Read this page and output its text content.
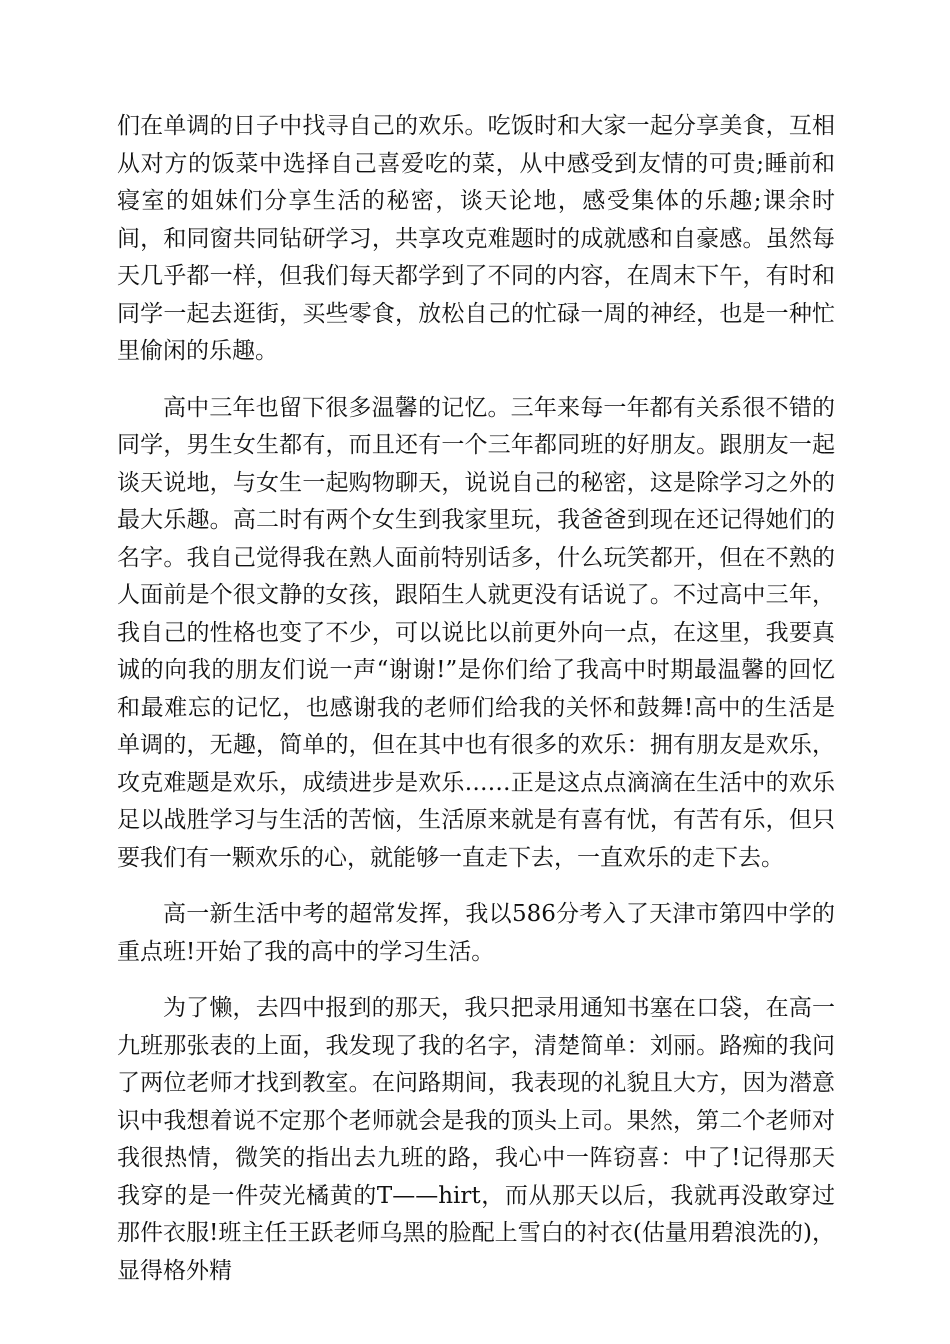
们在单调的日子中找寻自己的欢乐。吃饭时和大家一起分享美食，互相从对方的饭菜中选择自己喜爱吃的菜，从中感受到友情的可贵;睡前和寝室的姐妹们分享生活的秘密，谈天论地，感受集体的乐趣;课余时间，和同窗共同钻研学习，共享攻克难题时的成就感和自豪感。虽然每天几乎都一样，但我们每天都学到了不同的内容，在周末下午，有时和同学一起去逛街，买些零食，放松自己的忙碌一周的神经，也是一种忙里偷闲的乐趣。

高中三年也留下很多温馨的记忆。三年来每一年都有关系很不错的同学，男生女生都有，而且还有一个三年都同班的好朋友。跟朋友一起谈天说地，与女生一起购物聊天，说说自己的秘密，这是除学习之外的最大乐趣。高二时有两个女生到我家里玩，我爸爸到现在还记得她们的名字。我自己觉得我在熟人面前特别话多，什么玩笑都开，但在不熟的人面前是个很文静的女孩，跟陌生人就更没有话说了。不过高中三年，我自己的性格也变了不少，可以说比以前更外向一点，在这里，我要真诚的向我的朋友们说一声“谢谢!”是你们给了我高中时期最温馨的回忆和最难忘的记忆，也感谢我的老师们给我的关怀和鼓舞!高中的生活是单调的，无趣，简单的，但在其中也有很多的欢乐：拥有朋友是欢乐，攻克难题是欢乐，成绩进步是欢乐……正是这点点滴滴在生活中的欢乐足以战胜学习与生活的苦恼，生活原来就是有喜有忧，有苦有乐，但只要我们有一颗欢乐的心，就能够一直走下去，一直欢乐的走下去。

高一新生活中考的超常发挥，我以586分考入了天津市第四中学的重点班!开始了我的高中的学习生活。

为了懒，去四中报到的那天，我只把录用通知书塞在口袋，在高一九班那张表的上面，我发现了我的名字，清楚简单：刘丽。路痴的我问了两位老师才找到教室。在问路期间，我表现的礼貌且大方，因为潜意识中我想着说不定那个老师就会是我的顶头上司。果然，第二个老师对我很热情，微笑的指出去九班的路，我心中一阵窃喜：中了!记得那天我穿的是一件荧光橘黄的T——hirt，而从那天以后，我就再没敢穿过那件衣服!班主任王跃老师乌黑的脸配上雪白的衬衣(估量用碧浪洗的)，显得格外精
